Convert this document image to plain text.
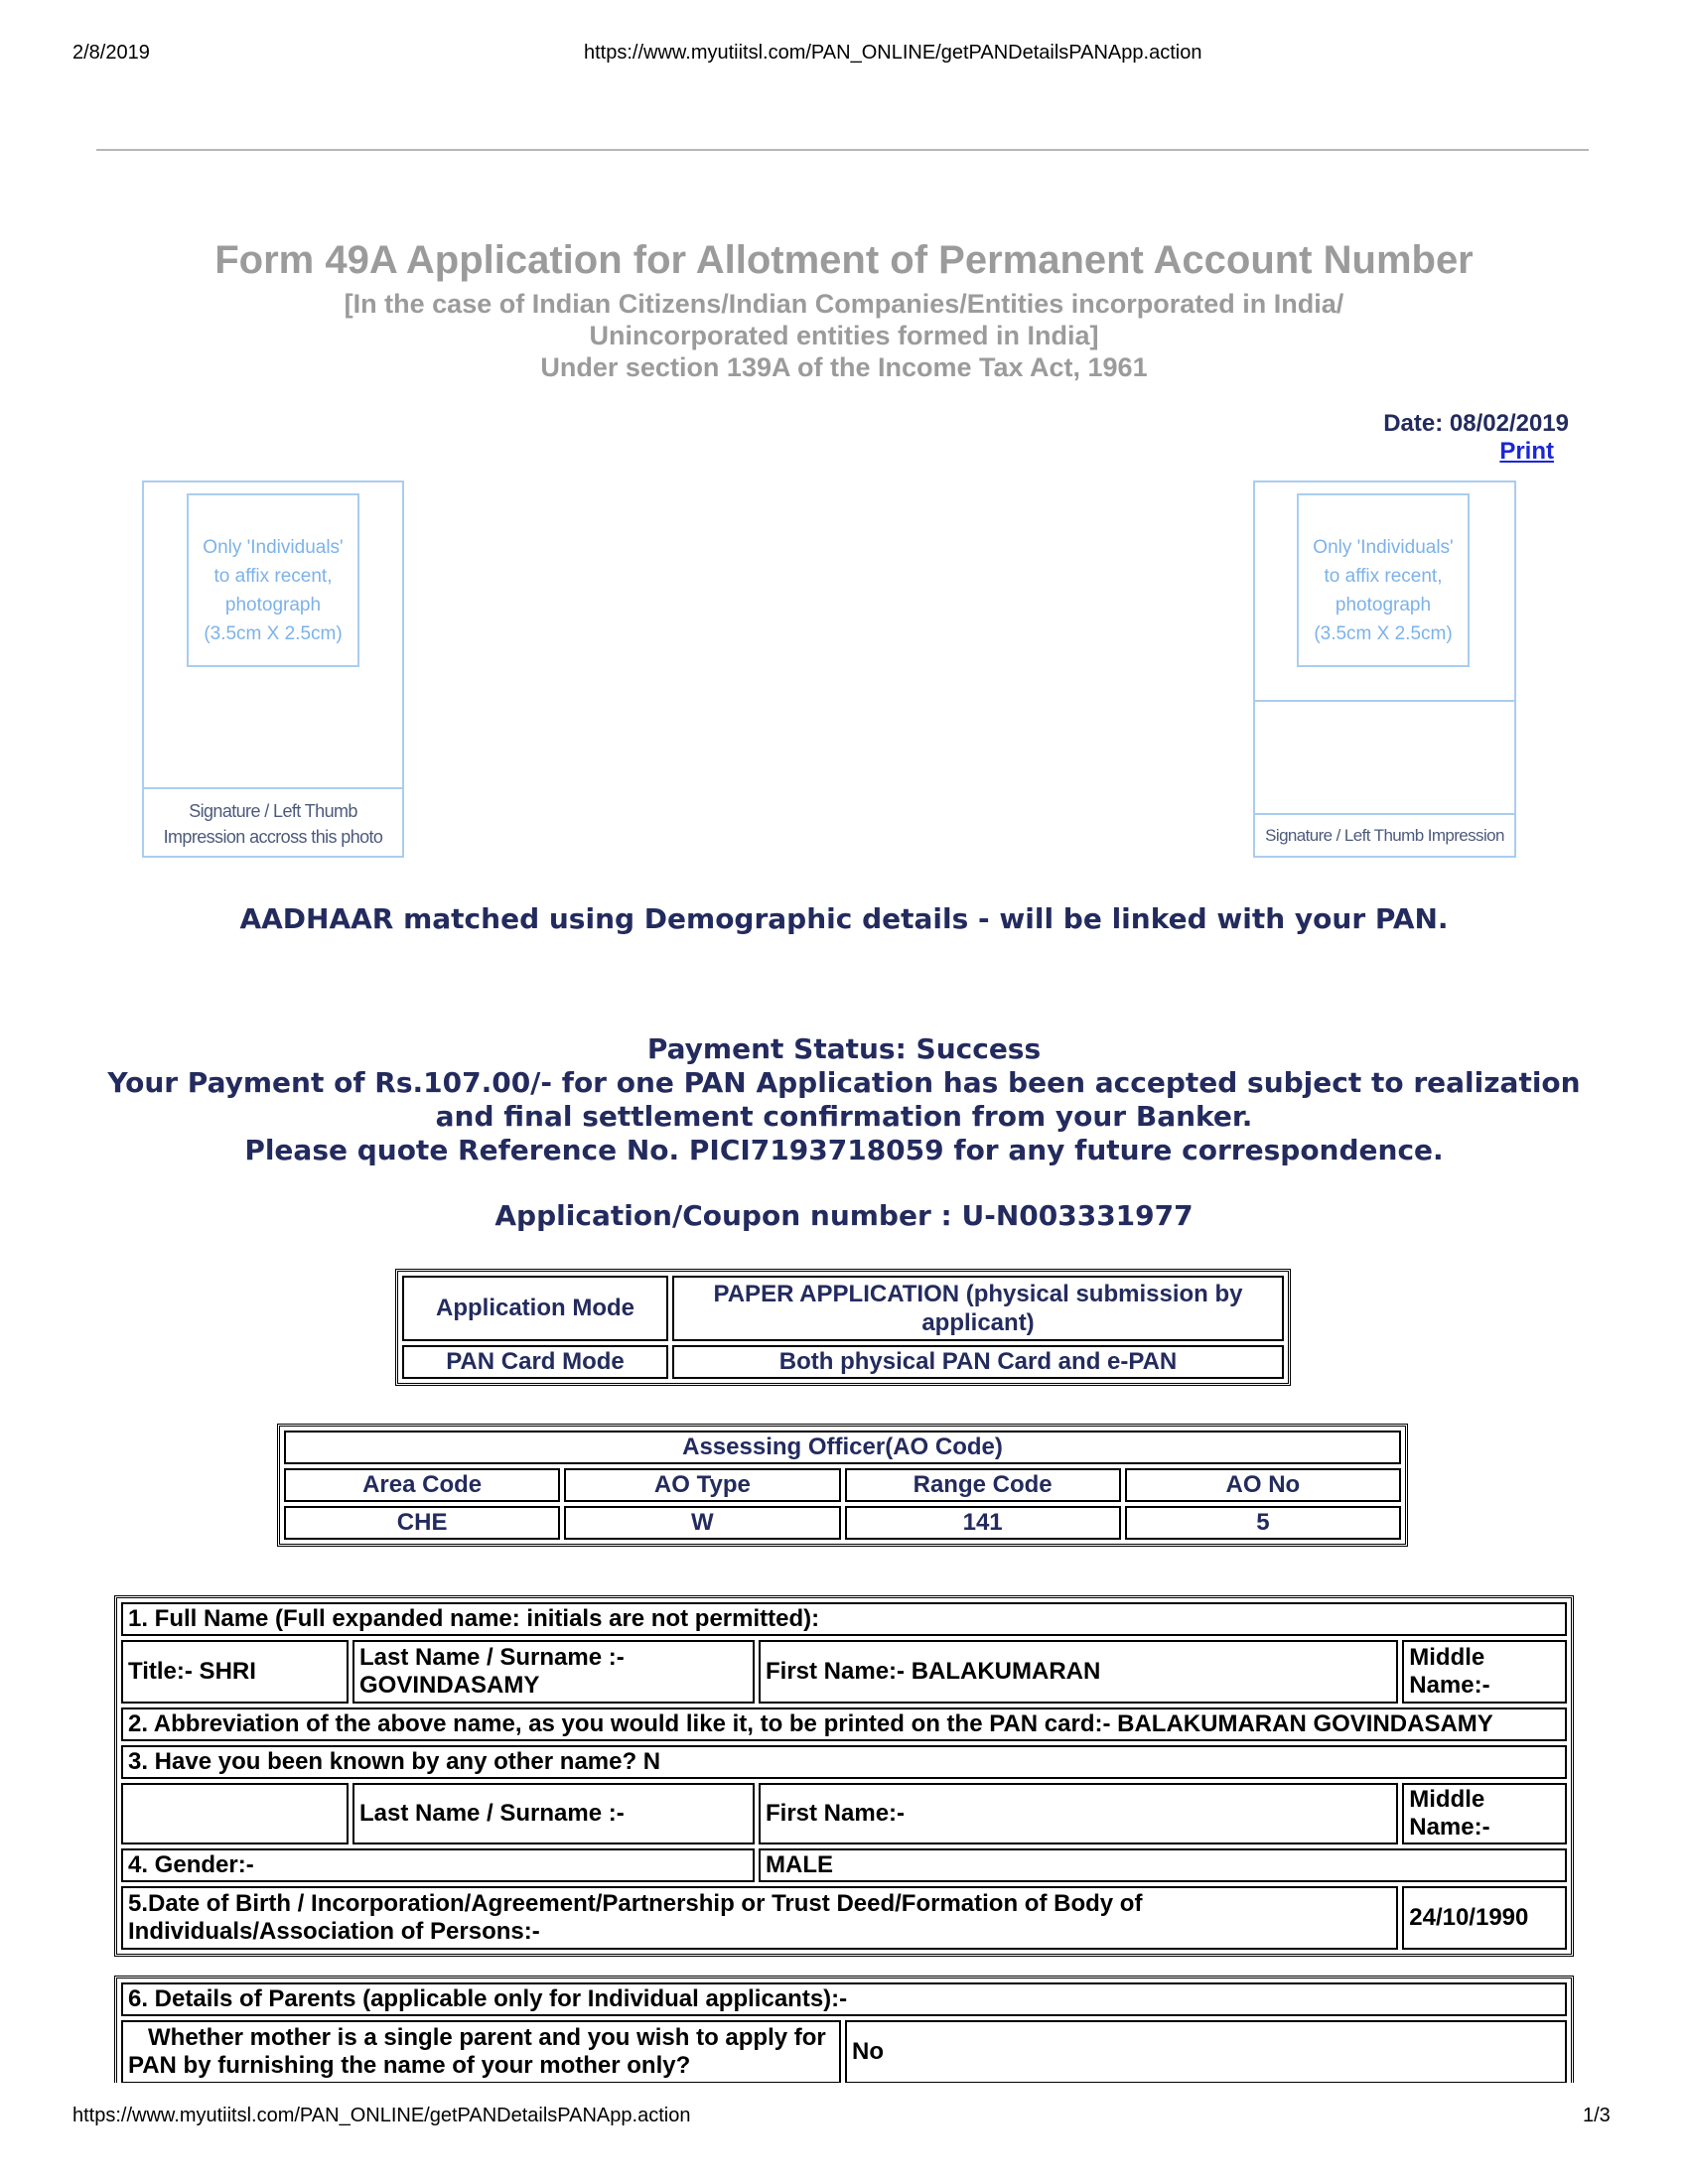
2/8/2019	https://www.myutiitsl.com/PAN_ONLINE/getPANDetailsPANApp.action
Form 49A Application for Allotment of Permanent Account Number
[In the case of Indian Citizens/Indian Companies/Entities incorporated in India/
Unincorporated entities formed in India]
Under section 139A of the Income Tax Act, 1961
Date: 08/02/2019
Print
Only 'Individuals'
to affix recent,
photograph
(3.5cm X 2.5cm)
Signature / Left Thumb
Impression accross this photo
Only 'Individuals'
to affix recent,
photograph
(3.5cm X 2.5cm)
Signature / Left Thumb Impression
AADHAAR matched using Demographic details - will be linked with your PAN.
Payment Status: Success
Your Payment of Rs.107.00/- for one PAN Application has been accepted subject to realization
and final settlement confirmation from your Banker.
Please quote Reference No. PICI7193718059 for any future correspondence.
Application/Coupon number : U-N003331977
Application Mode	PAPER APPLICATION (physical submission by applicant)
PAN Card Mode	Both physical PAN Card and e-PAN
Assessing Officer(AO Code)			
Area Code	AO Type	Range Code	AO No
CHE	W	141	5
1. Full Name (Full expanded name: initials are not permitted):			
Title:- SHRI	Last Name / Surname :- GOVINDASAMY	First Name:- BALAKUMARAN	Middle Name:-
2. Abbreviation of the above name, as you would like it, to be printed on the PAN card:- BALAKUMARAN GOVINDASAMY			
3. Have you been known by any other name? N			
	Last Name / Surname :-	First Name:-	Middle Name:-
4. Gender:-		MALE	
5.Date of Birth / Incorporation/Agreement/Partnership or Trust Deed/Formation of Body of Individuals/Association of Persons:-			24/10/1990
6. Details of Parents (applicable only for Individual applicants):-
Whether mother is a single parent and you wish to apply for PAN by furnishing the name of your mother only?	No

https://www.myutiitsl.com/PAN_ONLINE/getPANDetailsPANApp.action	1/3
